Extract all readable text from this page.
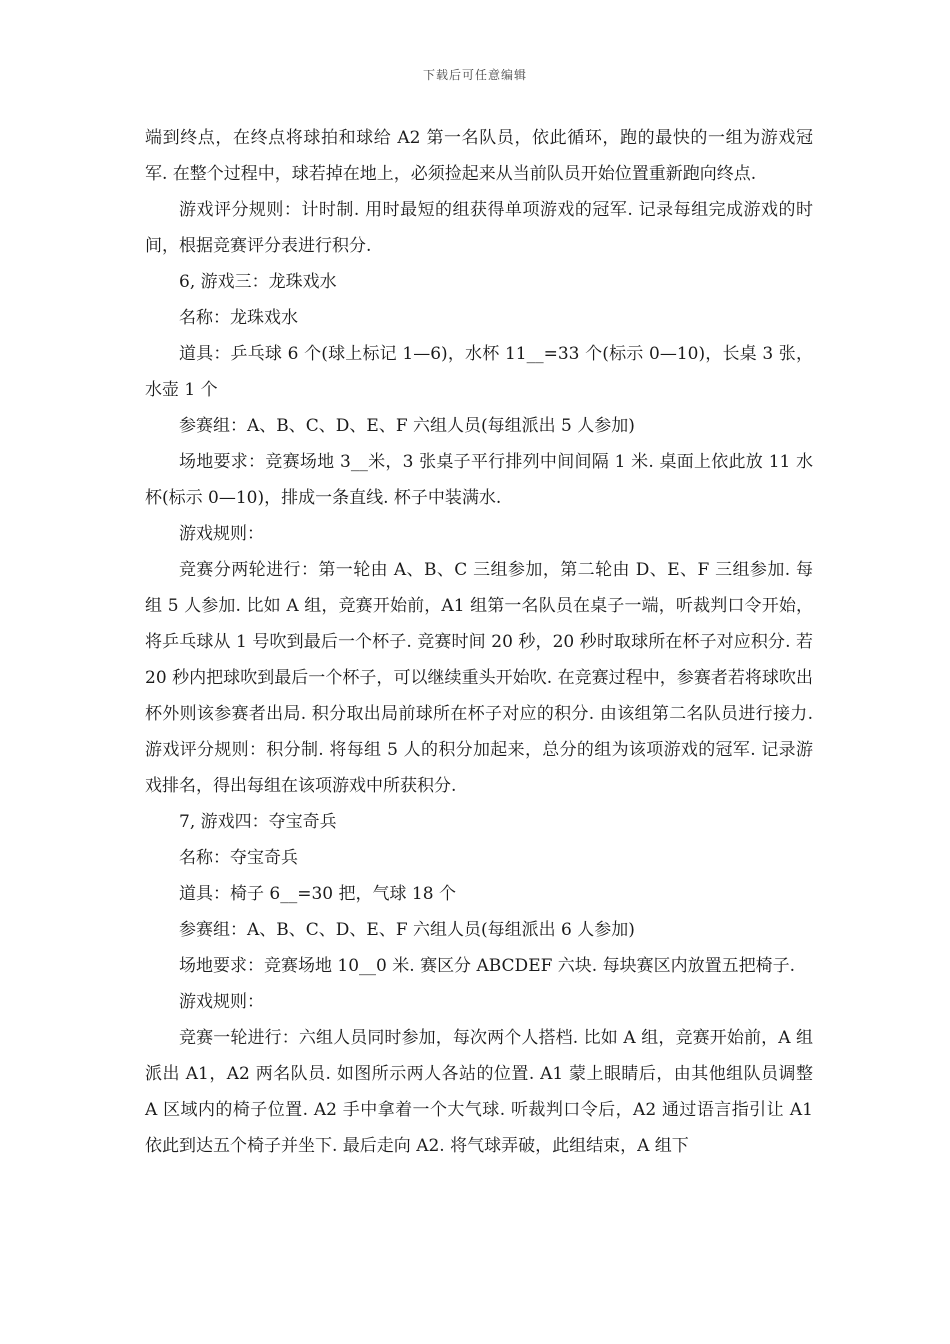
下载后可任意编辑

端到终点，在终点将球拍和球给 A2 第一名队员，依此循环，跑的最快的一组为游戏冠军. 在整个过程中，球若掉在地上，必须捡起来从当前队员开始位置重新跑向终点.

游戏评分规则：计时制. 用时最短的组获得单项游戏的冠军. 记录每组完成游戏的时间，根据竞赛评分表进行积分.

6, 游戏三：龙珠戏水

名称：龙珠戏水

道具：乒乓球 6 个(球上标记 1—6)，水杯 11__=33 个(标示 0—10)，长桌 3 张，水壶 1 个

参赛组：A、B、C、D、E、F 六组人员(每组派出 5 人参加)

场地要求：竞赛场地 3__米，3 张桌子平行排列中间间隔 1 米. 桌面上依此放 11 水杯(标示 0—10)，排成一条直线. 杯子中装满水.

游戏规则：

竞赛分两轮进行：第一轮由 A、B、C 三组参加，第二轮由 D、E、F 三组参加. 每组 5 人参加. 比如 A 组，竞赛开始前，A1 组第一名队员在桌子一端，听裁判口令开始，将乒乓球从 1 号吹到最后一个杯子. 竞赛时间 20 秒，20 秒时取球所在杯子对应积分. 若 20 秒内把球吹到最后一个杯子，可以继续重头开始吹. 在竞赛过程中，参赛者若将球吹出杯外则该参赛者出局. 积分取出局前球所在杯子对应的积分. 由该组第二名队员进行接力. 游戏评分规则：积分制. 将每组 5 人的积分加起来，总分的组为该项游戏的冠军. 记录游戏排名，得出每组在该项游戏中所获积分.

7, 游戏四：夺宝奇兵

名称：夺宝奇兵

道具：椅子 6__=30 把，气球 18 个

参赛组：A、B、C、D、E、F 六组人员(每组派出 6 人参加)

场地要求：竞赛场地 10__0 米. 赛区分 ABCDEF 六块. 每块赛区内放置五把椅子.

游戏规则：

竞赛一轮进行：六组人员同时参加，每次两个人搭档. 比如 A 组，竞赛开始前，A 组派出 A1，A2 两名队员. 如图所示两人各站的位置. A1 蒙上眼睛后，由其他组队员调整 A 区域内的椅子位置. A2 手中拿着一个大气球. 听裁判口令后，A2 通过语言指引让 A1 依此到达五个椅子并坐下. 最后走向 A2. 将气球弄破，此组结束，A 组下
